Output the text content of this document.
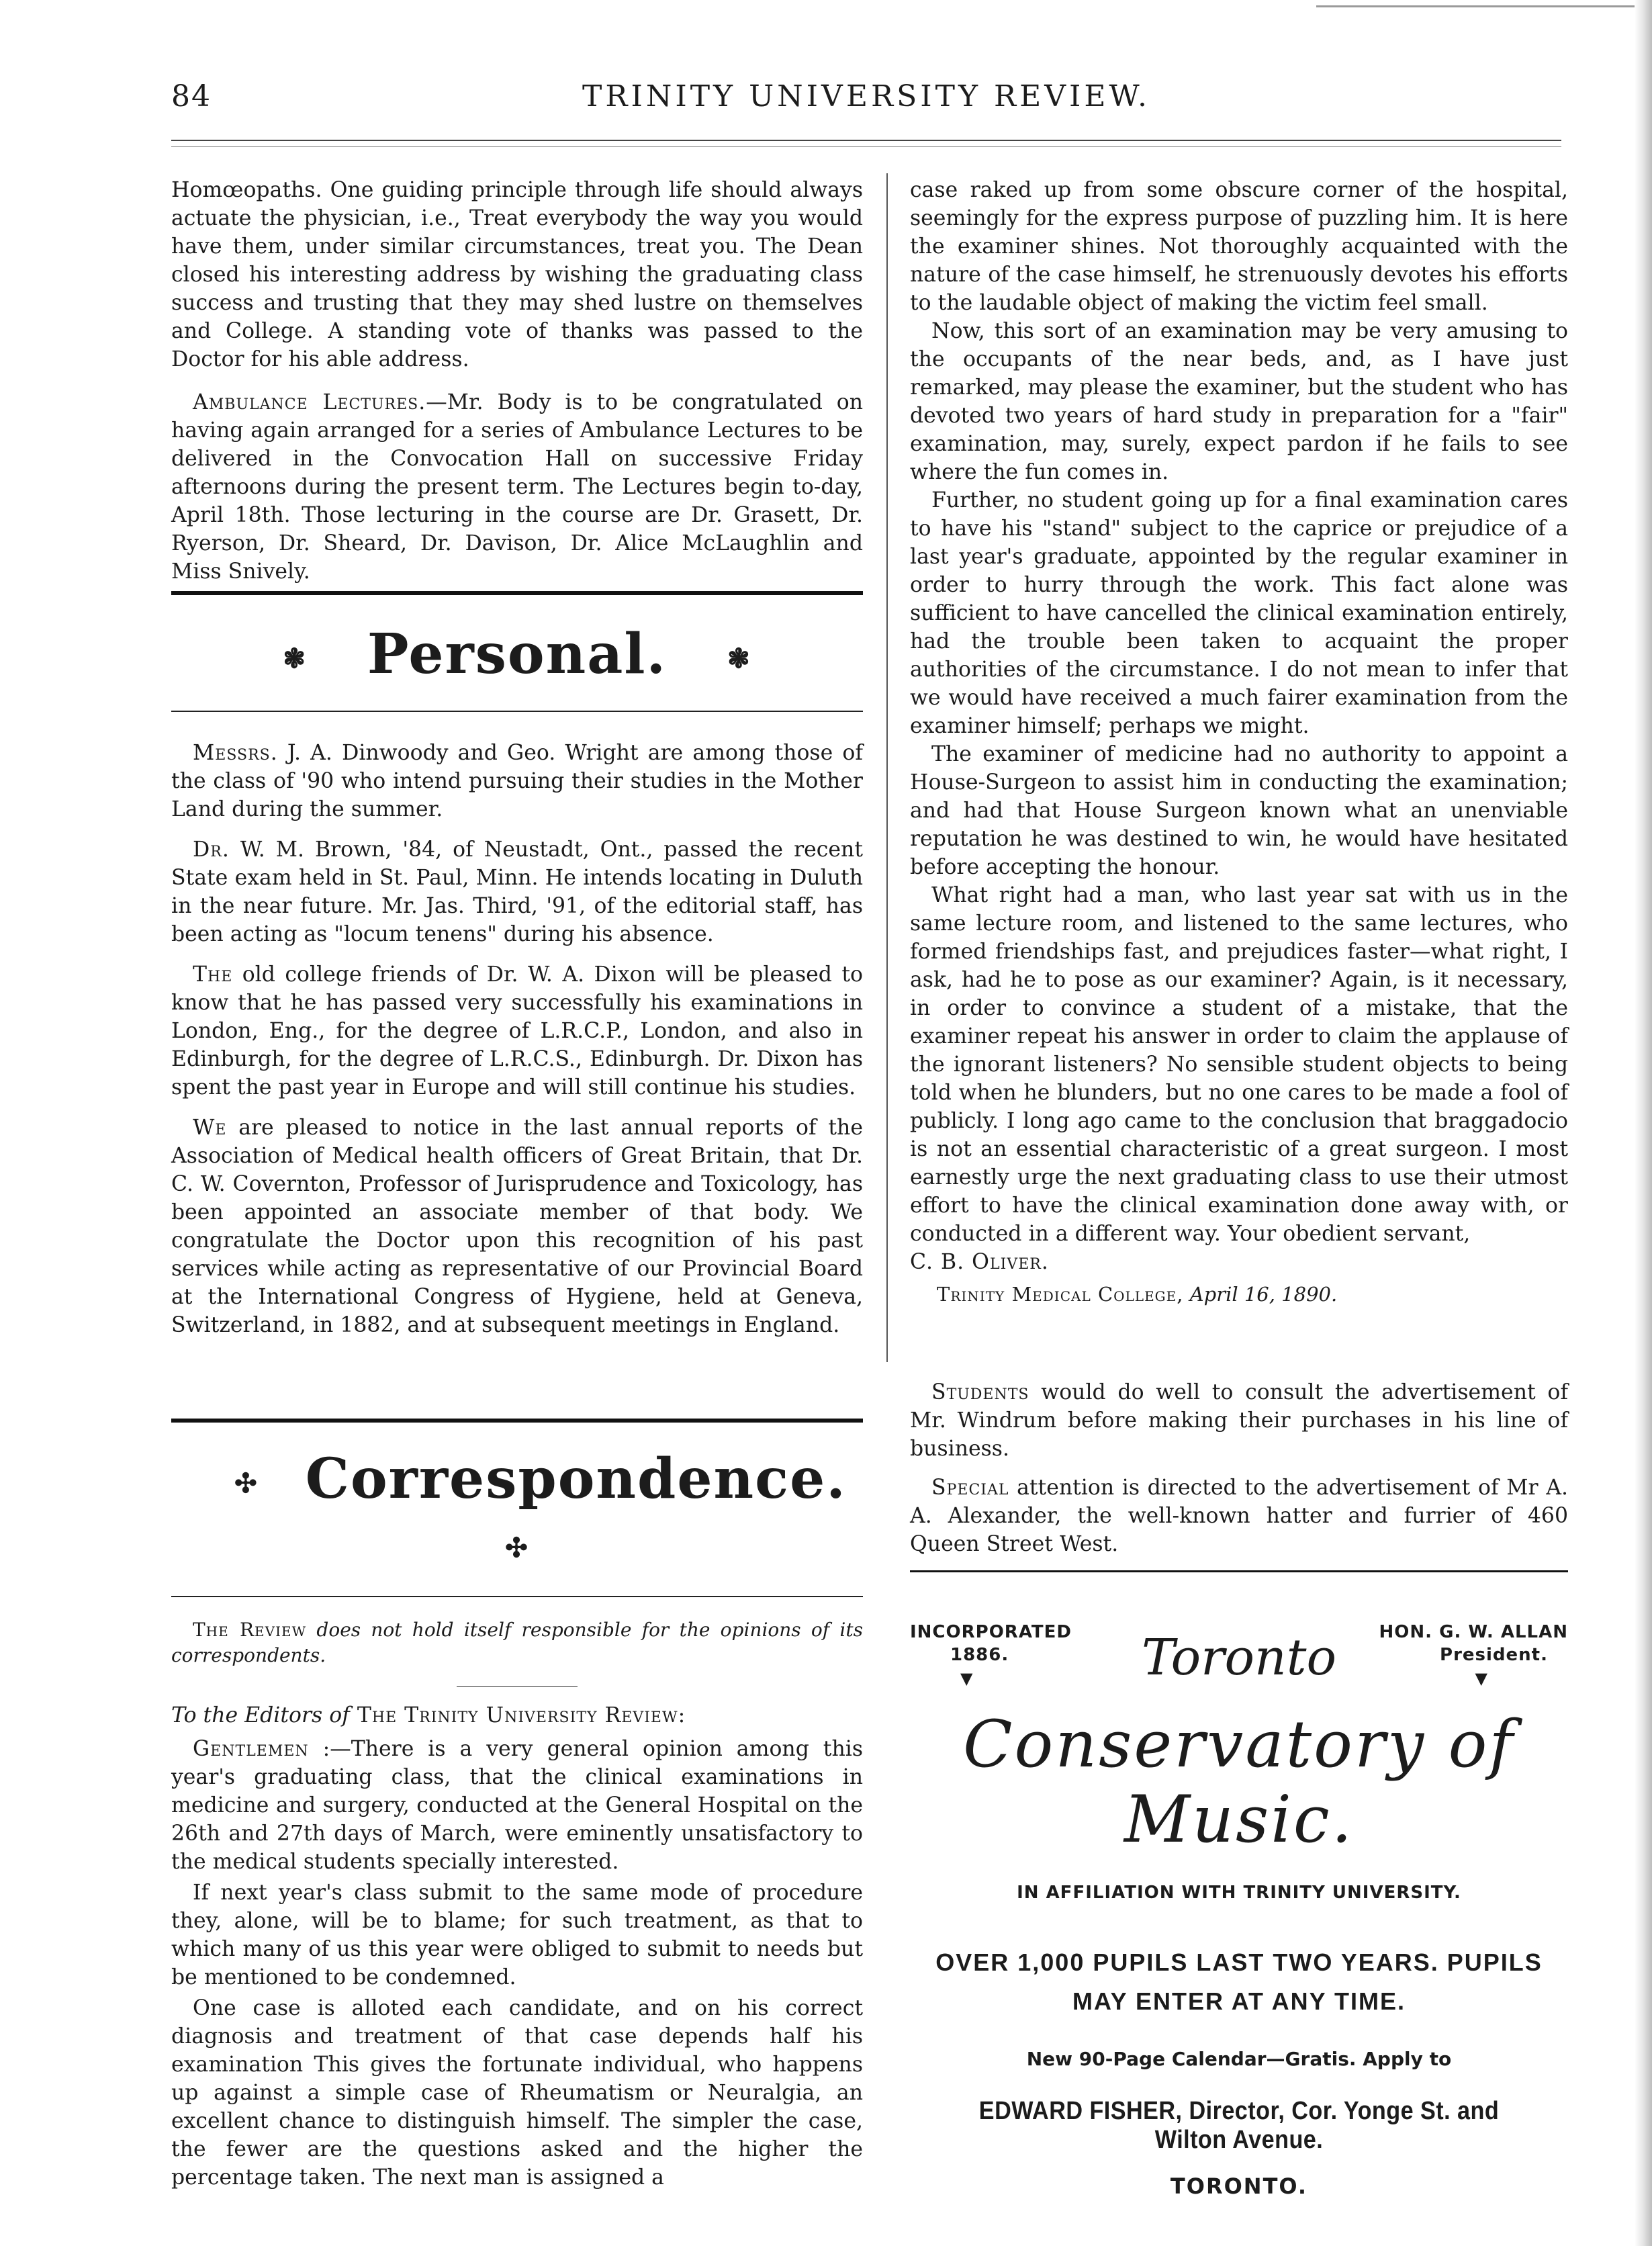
84	TRINITY UNIVERSITY REVIEW.

Homœopaths. One guiding principle through life should always actuate the physician, i.e., Treat everybody the way you would have them, under similar circumstances, treat you. The Dean closed his interesting address by wishing the graduating class success and trusting that they may shed lustre on themselves and College. A standing vote of thanks was passed to the Doctor for his able address.

Ambulance Lectures.—Mr. Body is to be congratulated on having again arranged for a series of Ambulance Lectures to be delivered in the Convocation Hall on successive Friday afternoons during the present term. The Lectures begin to-day, April 18th. Those lecturing in the course are Dr. Grasett, Dr. Ryerson, Dr. Sheard, Dr. Davison, Dr. Alice McLaughlin and Miss Snively.

❃ Personal. ❃

Messrs. J. A. Dinwoody and Geo. Wright are among those of the class of '90 who intend pursuing their studies in the Mother Land during the summer.

Dr. W. M. Brown, '84, of Neustadt, Ont., passed the recent State exam held in St. Paul, Minn. He intends locating in Duluth in the near future. Mr. Jas. Third, '91, of the editorial staff, has been acting as "locum tenens" during his absence.

The old college friends of Dr. W. A. Dixon will be pleased to know that he has passed very successfully his examinations in London, Eng., for the degree of L.R.C.P., London, and also in Edinburgh, for the degree of L.R.C.S., Edinburgh. Dr. Dixon has spent the past year in Europe and will still continue his studies.

We are pleased to notice in the last annual reports of the Association of Medical health officers of Great Britain, that Dr. C. W. Covernton, Professor of Jurisprudence and Toxicology, has been appointed an associate member of that body. We congratulate the Doctor upon this recognition of his past services while acting as representative of our Provincial Board at the International Congress of Hygiene, held at Geneva, Switzerland, in 1882, and at subsequent meetings in England.

✣ Correspondence.✣

The Review does not hold itself responsible for the opinions of its correspondents.

To the Editors of The Trinity University Review:

Gentlemen :—There is a very general opinion among this year's graduating class, that the clinical examinations in medicine and surgery, conducted at the General Hospital on the 26th and 27th days of March, were eminently unsatisfactory to the medical students specially interested.

If next year's class submit to the same mode of procedure they, alone, will be to blame; for such treatment, as that to which many of us this year were obliged to submit to needs but be mentioned to be condemned.

One case is alloted each candidate, and on his correct diagnosis and treatment of that case depends half his examination This gives the fortunate individual, who happens up against a simple case of Rheumatism or Neuralgia, an excellent chance to distinguish himself. The simpler the case, the fewer are the questions asked and the higher the percentage taken. The next man is assigned a

case raked up from some obscure corner of the hospital, seemingly for the express purpose of puzzling him. It is here the examiner shines. Not thoroughly acquainted with the nature of the case himself, he strenuously devotes his efforts to the laudable object of making the victim feel small.

Now, this sort of an examination may be very amusing to the occupants of the near beds, and, as I have just remarked, may please the examiner, but the student who has devoted two years of hard study in preparation for a "fair" examination, may, surely, expect pardon if he fails to see where the fun comes in.

Further, no student going up for a final examination cares to have his "stand" subject to the caprice or prejudice of a last year's graduate, appointed by the regular examiner in order to hurry through the work. This fact alone was sufficient to have cancelled the clinical examination entirely, had the trouble been taken to acquaint the proper authorities of the circumstance. I do not mean to infer that we would have received a much fairer examination from the examiner himself; perhaps we might.

The examiner of medicine had no authority to appoint a House-Surgeon to assist him in conducting the examination; and had that House Surgeon known what an unenviable reputation he was destined to win, he would have hesitated before accepting the honour.

What right had a man, who last year sat with us in the same lecture room, and listened to the same lectures, who formed friendships fast, and prejudices faster—what right, I ask, had he to pose as our examiner? Again, is it necessary, in order to convince a student of a mistake, that the examiner repeat his answer in order to claim the applause of the ignorant listeners? No sensible student objects to being told when he blunders, but no one cares to be made a fool of publicly. I long ago came to the conclusion that braggadocio is not an essential characteristic of a great surgeon. I most earnestly urge the next graduating class to use their utmost effort to have the clinical examination done away with, or conducted in a different way. Your obedient servant,

C. B. Oliver.

Trinity Medical College, April 16, 1890.

Students would do well to consult the advertisement of Mr. Windrum before making their purchases in his line of business.

Special attention is directed to the advertisement of Mr A. A. Alexander, the well-known hatter and furrier of 460 Queen Street West.

INCORPORATED
1886.
▼	Toronto	HON. G. W. ALLAN
President.
▼
Conservatory of Music.
IN AFFILIATION WITH TRINITY UNIVERSITY.
OVER 1,000 PUPILS LAST TWO YEARS. PUPILS
MAY ENTER AT ANY TIME.
New 90-Page Calendar—Gratis. Apply to
EDWARD FISHER, Director, Cor. Yonge St. and Wilton Avenue.
TORONTO.
